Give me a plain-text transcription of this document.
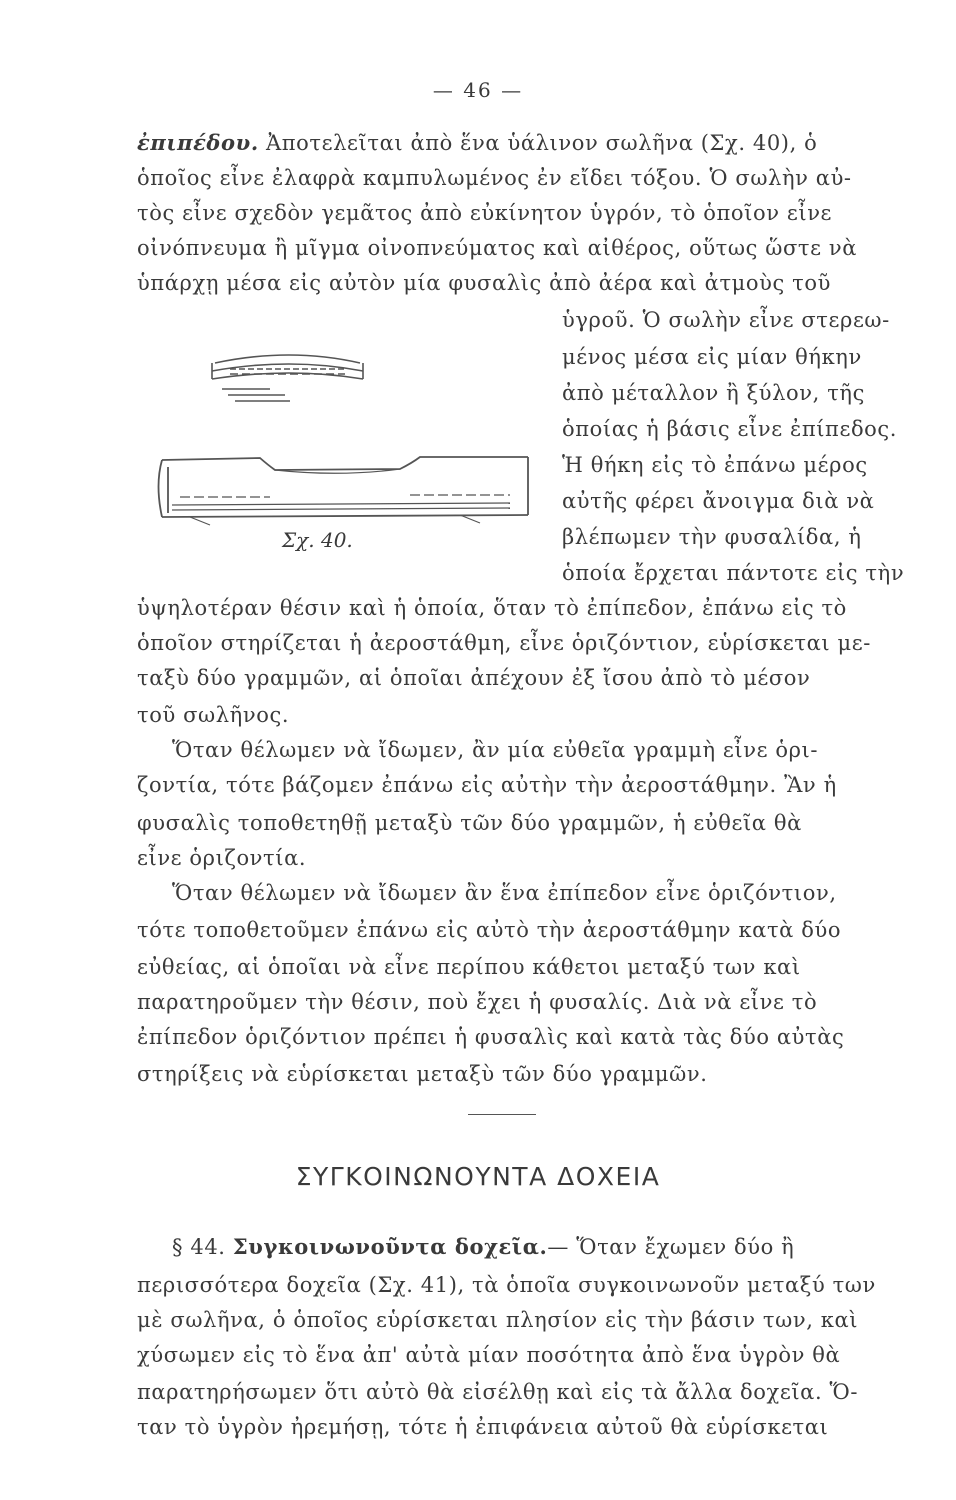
— 46 —
ἐπιπέδου. Ἀποτελεῖται ἀπὸ ἕνα ὑάλινον σωλῆνα (Σχ. 40), ὁ
ὁποῖος εἶνε ἐλαφρὰ καμπυλωμένος ἐν εἴδει τόξου. Ὁ σωλὴν αὐ-
τὸς εἶνε σχεδὸν γεμᾶτος ἀπὸ εὐκίνητον ὑγρόν, τὸ ὁποῖον εἶνε
οἰνόπνευμα ἢ μῖγμα οἰνοπνεύματος καὶ αἰθέρος, οὕτως ὥστε νὰ
ὑπάρχῃ μέσα εἰς αὐτὸν μία φυσαλὶς ἀπὸ ἀέρα καὶ ἀτμοὺς τοῦ
ὑγροῦ. Ὁ σωλὴν εἶνε στερεω-
μένος μέσα εἰς μίαν θήκην
ἀπὸ μέταλλον ἢ ξύλον, τῆς
ὁποίας ἡ βάσις εἶνε ἐπίπεδος.
Ἡ θήκη εἰς τὸ ἐπάνω μέρος
αὐτῆς φέρει ἄνοιγμα διὰ νὰ
βλέπωμεν τὴν φυσαλίδα, ἡ
ὁποία ἔρχεται πάντοτε εἰς τὴν
Σχ. 40.
ὑψηλοτέραν θέσιν καὶ ἡ ὁποία, ὅταν τὸ ἐπίπεδον, ἐπάνω εἰς τὸ
ὁποῖον στηρίζεται ἡ ἀεροστάθμη, εἶνε ὁριζόντιον, εὑρίσκεται με-
ταξὺ δύο γραμμῶν, αἱ ὁποῖαι ἀπέχουν ἐξ ἴσου ἀπὸ τὸ μέσον
τοῦ σωλῆνος.
Ὅταν θέλωμεν νὰ ἴδωμεν, ἂν μία εὐθεῖα γραμμὴ εἶνε ὁρι-
ζοντία, τότε βάζομεν ἐπάνω εἰς αὐτὴν τὴν ἀεροστάθμην. Ἂν ἡ
φυσαλὶς τοποθετηθῇ μεταξὺ τῶν δύο γραμμῶν, ἡ εὐθεῖα θὰ
εἶνε ὁριζοντία.
Ὅταν θέλωμεν νὰ ἴδωμεν ἂν ἕνα ἐπίπεδον εἶνε ὁριζόντιον,
τότε τοποθετοῦμεν ἐπάνω εἰς αὐτὸ τὴν ἀεροστάθμην κατὰ δύο
εὐθείας, αἱ ὁποῖαι νὰ εἶνε περίπου κάθετοι μεταξύ των καὶ
παρατηροῦμεν τὴν θέσιν, ποὺ ἔχει ἡ φυσαλίς. Διὰ νὰ εἶνε τὸ
ἐπίπεδον ὁριζόντιον πρέπει ἡ φυσαλὶς καὶ κατὰ τὰς δύο αὐτὰς
στηρίξεις νὰ εὑρίσκεται μεταξὺ τῶν δύο γραμμῶν.
ΣΥΓΚΟΙΝΩΝΟΥΝΤΑ ΔΟΧΕΙΑ
§ 44. Συγκοινωνοῦντα δοχεῖα.— Ὅταν ἔχωμεν δύο ἢ
περισσότερα δοχεῖα (Σχ. 41), τὰ ὁποῖα συγκοινωνοῦν μεταξύ των
μὲ σωλῆνα, ὁ ὁποῖος εὑρίσκεται πλησίον εἰς τὴν βάσιν των, καὶ
χύσωμεν εἰς τὸ ἕνα ἀπ' αὐτὰ μίαν ποσότητα ἀπὸ ἕνα ὑγρὸν θὰ
παρατηρήσωμεν ὅτι αὐτὸ θὰ εἰσέλθῃ καὶ εἰς τὰ ἄλλα δοχεῖα. Ὅ-
ταν τὸ ὑγρὸν ἠρεμήσῃ, τότε ἡ ἐπιφάνεια αὐτοῦ θὰ εὑρίσκεται
